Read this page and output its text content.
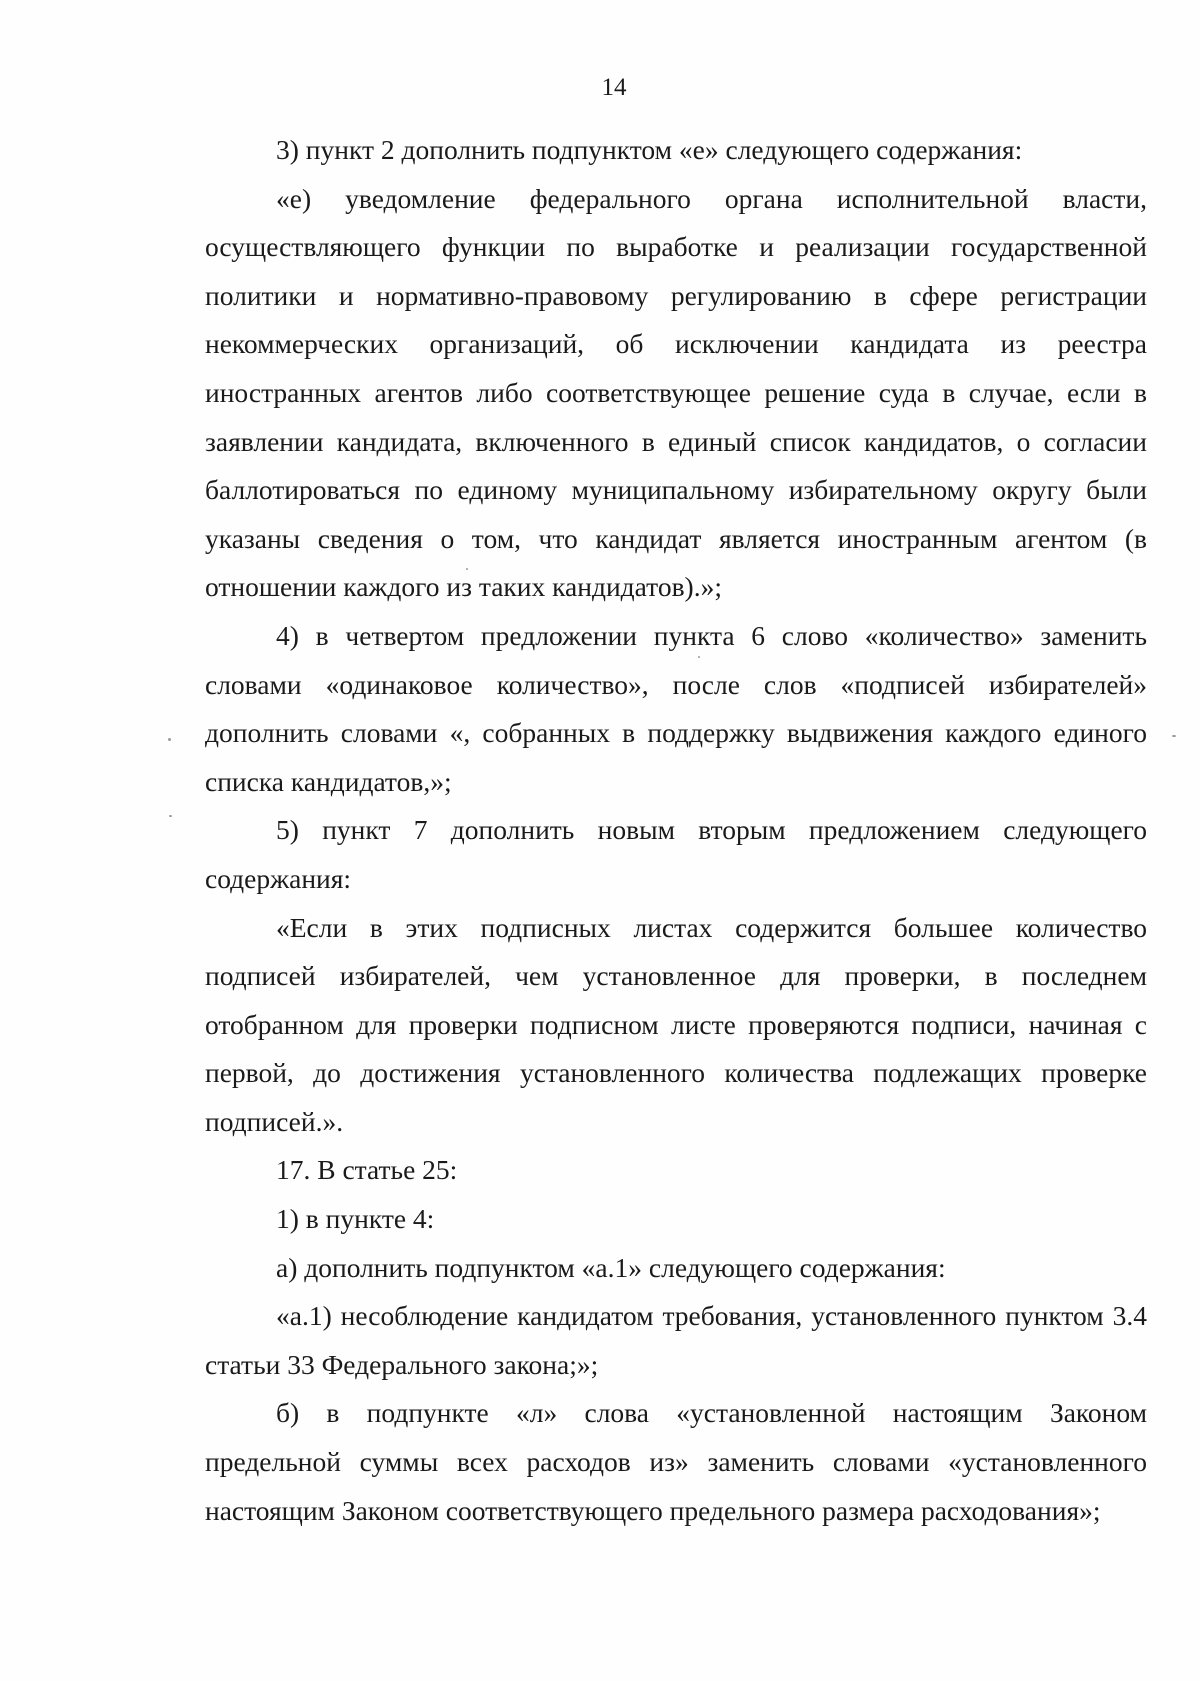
14

3) пункт 2 дополнить подпунктом «е» следующего содержания:

«е) уведомление федерального органа исполнительной власти, осуществляющего функции по выработке и реализации государственной политики и нормативно-правовому регулированию в сфере регистрации некоммерческих организаций, об исключении кандидата из реестра иностранных агентов либо соответствующее решение суда в случае, если в заявлении кандидата, включенного в единый список кандидатов, о согласии баллотироваться по единому муниципальному избирательному округу были указаны сведения о том, что кандидат является иностранным агентом (в отношении каждого из таких кандидатов).»;

4) в четвертом предложении пункта 6 слово «количество» заменить словами «одинаковое количество», после слов «подписей избирателей» дополнить словами «, собранных в поддержку выдвижения каждого единого списка кандидатов,»;

5) пункт 7 дополнить новым вторым предложением следующего содержания:

«Если в этих подписных листах содержится большее количество подписей избирателей, чем установленное для проверки, в последнем отобранном для проверки подписном листе проверяются подписи, начиная с первой, до достижения установленного количества подлежащих проверке подписей.».

17. В статье 25:

1) в пункте 4:

а) дополнить подпунктом «а.1» следующего содержания:

«а.1) несоблюдение кандидатом требования, установленного пунктом 3.4 статьи 33 Федерального закона;»;

б) в подпункте «л» слова «установленной настоящим Законом предельной суммы всех расходов из» заменить словами «установленного настоящим Законом соответствующего предельного размера расходования»;
